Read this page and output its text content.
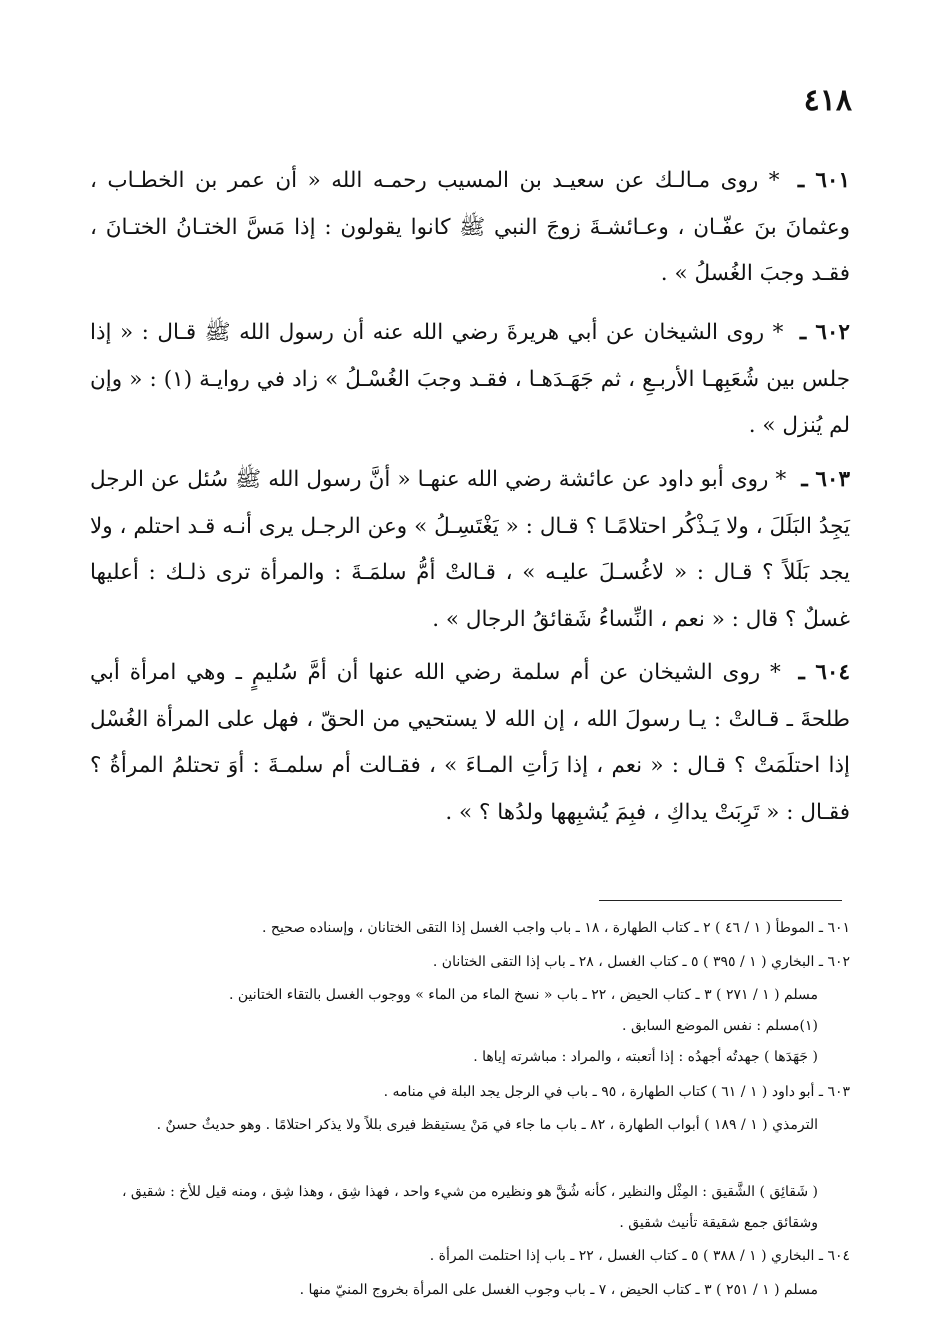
٤١٨

٦٠١ ـ * روى مـالـك عن سعيـد بن المسيب رحمـه الله « أن عمر بن الخطـاب ، وعثمانَ بنَ عفّـان ، وعـائشـةَ زوجَ النبي ﷺ كانوا يقولون : إذا مَسَّ الختـانُ الختـانَ ، فقـد وجبَ الغُسلُ » .

٦٠٢ ـ * روى الشيخان عن أبي هريرةَ رضي الله عنه أن رسول الله ﷺ قـال : « إذا جلس بين شُعَبِهـا الأربـعِ ، ثم جَهَـدَهـا ، فقـد وجبَ الغُسْـلُ » زاد في روايـة (١) : « وإن لم يُنزل » .

٦٠٣ ـ * روى أبو داود عن عائشة رضي الله عنهـا « أنَّ رسول الله ﷺ سُئل عن الرجل يَجِدُ البَلَلَ ، ولا يَـذْكُر احتلامًـا ؟ قـال : « يَغْتَسِـلُ » وعن الرجـل يرى أنـه قـد احتلم ، ولا يجد بَلَلاً ؟ قـال : « لاغُسـلَ عليـه » ، قـالتْ أمُّ سلمَـةَ : والمرأة ترى ذلـك : أعليها غسلٌ ؟ قال : « نعم ، النِّساءُ شَقائقُ الرجال » .

٦٠٤ ـ * روى الشيخان عن أم سلمة رضي الله عنها أن أمَّ سُليمٍ ـ وهي امرأة أبي طلحةَ ـ قـالتْ : يـا رسولَ الله ، إن الله لا يستحيي من الحقّ ، فهل على المرأة الغُسْل إذا احتلَمَتْ ؟ قـال : « نعم ، إذا رَأتِ المـاءَ » ، فقـالت أم سلمـةَ : أوَ تحتلمُ المرأةُ ؟ فقـال : « تَرِبَتْ يداكِ ، فبِمَ يُشبِهها ولدُها ؟ » .

٦٠١ ـ الموطأ ( ١ / ٤٦ ) ٢ ـ كتاب الطهارة ، ١٨ ـ باب واجب الغسل إذا التقى الختانان ، وإسناده صحيح .
٦٠٢ ـ البخاري ( ١ / ٣٩٥ ) ٥ ـ كتاب الغسل ، ٢٨ ـ باب إذا التقى الختانان .
مسلم ( ١ / ٢٧١ ) ٣ ـ كتاب الحيض ، ٢٢ ـ باب « نسخ الماء من الماء » ووجوب الغسل بالتقاء الختانين .
(١)مسلم : نفس الموضع السابق .
( جَهَدَها ) جهدتُه أجهدُه : إذا أتعبته ، والمراد : مباشرته إياها .
٦٠٣ ـ أبو داود ( ١ / ٦١ ) كتاب الطهارة ، ٩٥ ـ باب في الرجل يجد البلة في منامه .
الترمذي ( ١ / ١٨٩ ) أبواب الطهارة ، ٨٢ ـ باب ما جاء في مَنْ يستيقظ فيرى بللاً ولا يذكر احتلامًا . وهو حديثٌ حسنٌ .
( شَقائِق ) الشَّقيق : المِثْل والنظير ، كأنه شُقَّ هو ونظيره من شيء واحد ، فهذا شِق ، وهذا شِق ، ومنه قيل للأخ : شقيق ، وشقائق جمع شقيقة تأنيث شقيق .
٦٠٤ ـ البخاري ( ١ / ٣٨٨ ) ٥ ـ كتاب الغسل ، ٢٢ ـ باب إذا احتلمت المرأة .
مسلم ( ١ / ٢٥١ ) ٣ ـ كتاب الحيض ، ٧ ـ باب وجوب الغسل على المرأة بخروج المنيّ منها .
